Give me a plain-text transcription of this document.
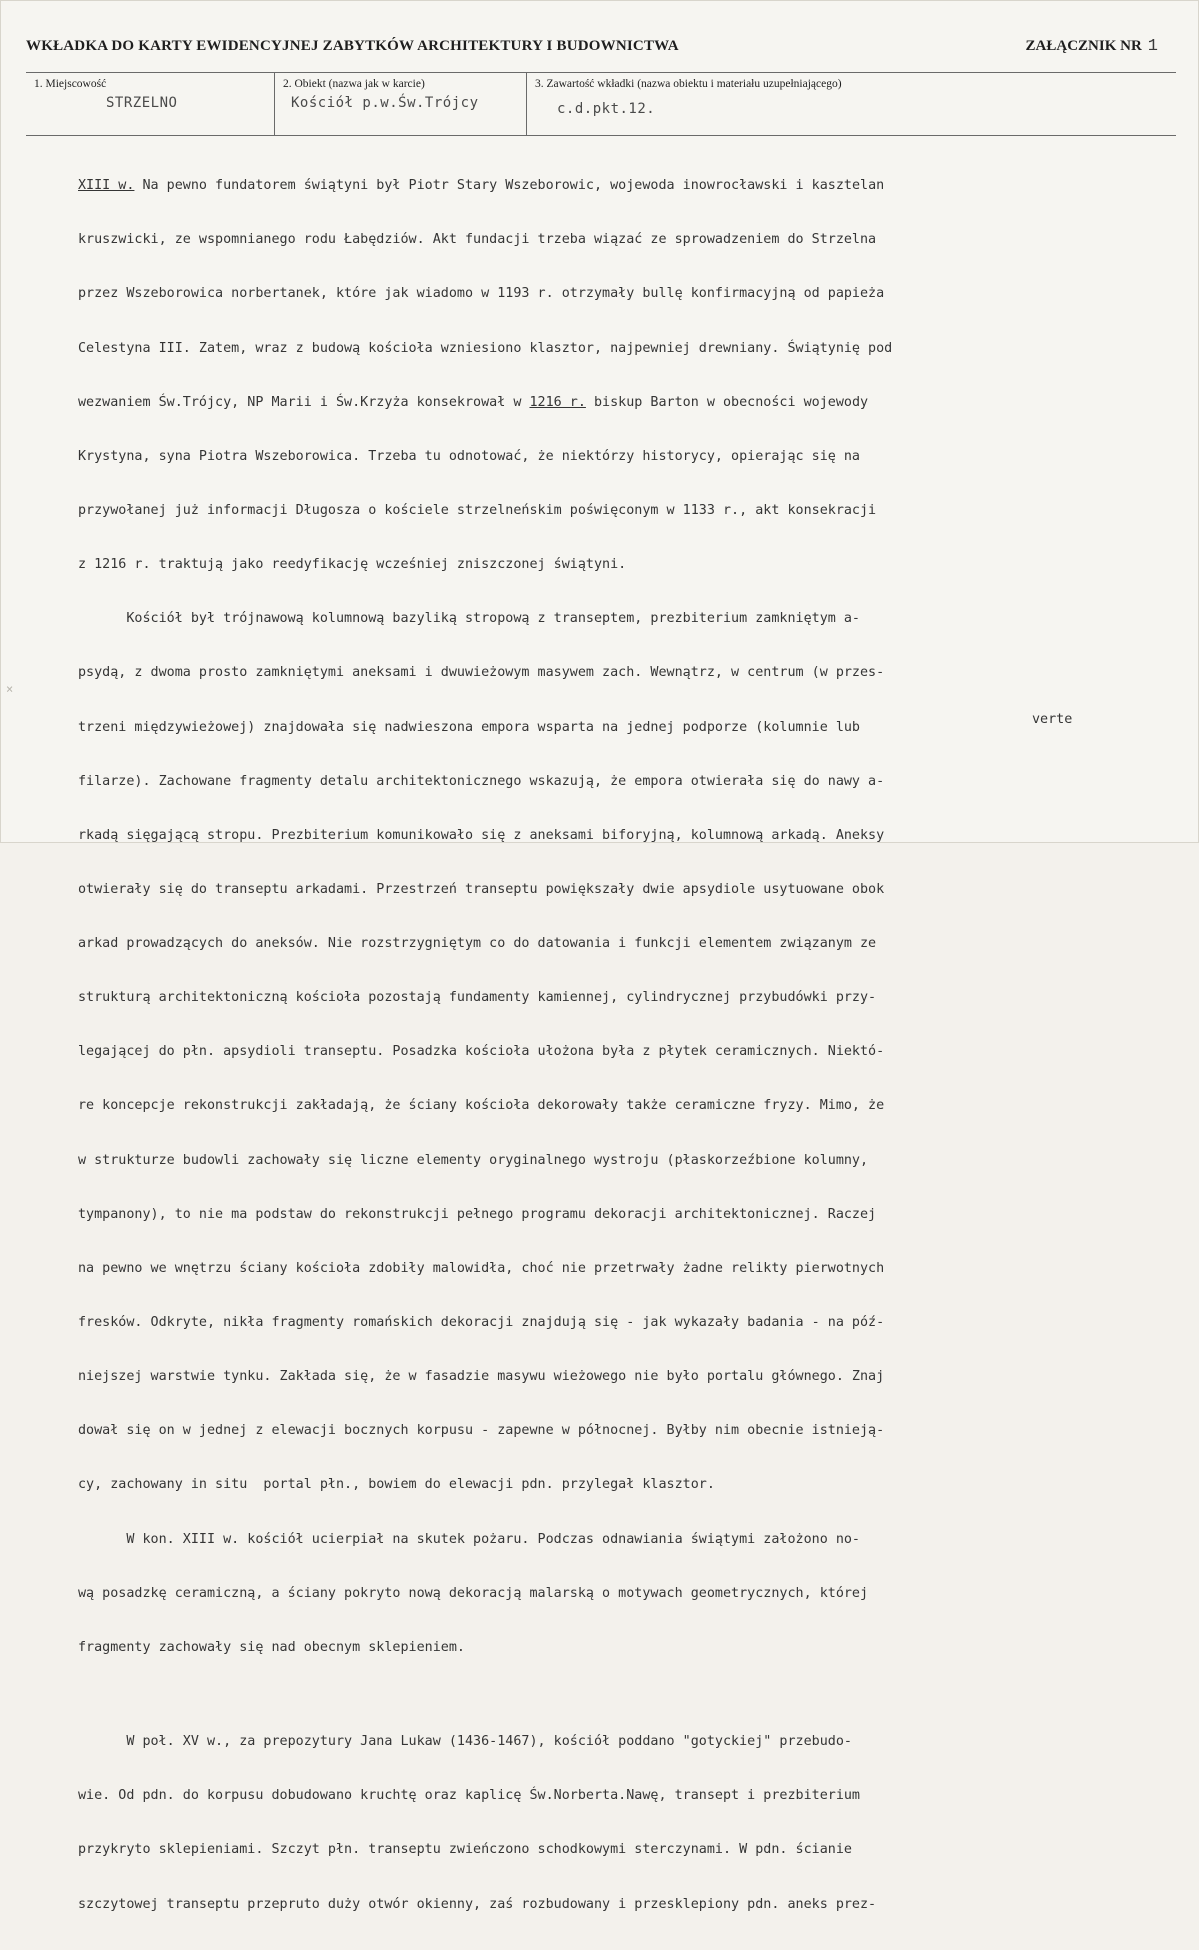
WKŁADKA DO KARTY EWIDENCYJNEJ ZABYTKÓW ARCHITEKTURY I BUDOWNICTWA	ZAŁĄCZNIK NR 1
1. Miejscowość
STRZELNO
2. Obiekt (nazwa jak w karcie)
Kościół p.w.Św.Trójcy
3. Zawartość wkładki (nazwa obiektu i materiału uzupełniającego)
c.d.pkt.12.

XIII w. Na pewno fundatorem świątyni był Piotr Stary Wszeborowic, wojewoda inowrocławski i kasztelan

kruszwicki, ze wspomnianego rodu Łabędziów. Akt fundacji trzeba wiązać ze sprowadzeniem do Strzelna

przez Wszeborowica norbertanek, które jak wiadomo w 1193 r. otrzymały bullę konfirmacyjną od papieża

Celestyna III. Zatem, wraz z budową kościoła wzniesiono klasztor, najpewniej drewniany. Świątynię pod

wezwaniem Św.Trójcy, NP Marii i Św.Krzyża konsekrował w 1216 r. biskup Barton w obecności wojewody

Krystyna, syna Piotra Wszeborowica. Trzeba tu odnotować, że niektórzy historycy, opierając się na

przywołanej już informacji Długosza o kościele strzelneńskim poświęconym w 1133 r., akt konsekracji

z 1216 r. traktują jako reedyfikację wcześniej zniszczonej świątyni.

Kościół był trójnawową kolumnową bazyliką stropową z transeptem, prezbiterium zamkniętym a-

psydą, z dwoma prosto zamkniętymi aneksami i dwuwieżowym masywem zach. Wewnątrz, w centrum (w przes-

trzeni międzywieżowej) znajdowała się nadwieszona empora wsparta na jednej podporze (kolumnie lub

filarze). Zachowane fragmenty detalu architektonicznego wskazują, że empora otwierała się do nawy a-

rkadą sięgającą stropu. Prezbiterium komunikowało się z aneksami biforyjną, kolumnową arkadą. Aneksy

otwierały się do transeptu arkadami. Przestrzeń transeptu powiększały dwie apsydiole usytuowane obok

arkad prowadzących do aneksów. Nie rozstrzygniętym co do datowania i funkcji elementem związanym ze

strukturą architektoniczną kościoła pozostają fundamenty kamiennej, cylindrycznej przybudówki przy-

legającej do płn. apsydioli transeptu. Posadzka kościoła ułożona była z płytek ceramicznych. Niektó-

re koncepcje rekonstrukcji zakładają, że ściany kościoła dekorowały także ceramiczne fryzy. Mimo, że

w strukturze budowli zachowały się liczne elementy oryginalnego wystroju (płaskorzeźbione kolumny,

tympanony), to nie ma podstaw do rekonstrukcji pełnego programu dekoracji architektonicznej. Raczej

na pewno we wnętrzu ściany kościoła zdobiły malowidła, choć nie przetrwały żadne relikty pierwotnych

fresków. Odkryte, nikła fragmenty romańskich dekoracji znajdują się - jak wykazały badania - na póź-

niejszej warstwie tynku. Zakłada się, że w fasadzie masywu wieżowego nie było portalu głównego. Znaj

dował się on w jednej z elewacji bocznych korpusu - zapewne w północnej. Byłby nim obecnie istnieją-

cy, zachowany in situ  portal płn., bowiem do elewacji pdn. przylegał klasztor.

W kon. XIII w. kościół ucierpiał na skutek pożaru. Podczas odnawiania świątymi założono no-

wą posadzkę ceramiczną, a ściany pokryto nową dekoracją malarską o motywach geometrycznych, której

fragmenty zachowały się nad obecnym sklepieniem.

W poł. XV w., za prepozytury Jana Lukaw (1436-1467), kościół poddano "gotyckiej" przebudo-

wie. Od pdn. do korpusu dobudowano kruchtę oraz kaplicę Św.Norberta.Nawę, transept i prezbiterium

przykryto sklepieniami. Szczyt płn. transeptu zwieńczono schodkowymi sterczynami. W pdn. ścianie

szczytowej transeptu przepruto duży otwór okienny, zaś rozbudowany i przesklepiony pdn. aneks prez-

verte
×
